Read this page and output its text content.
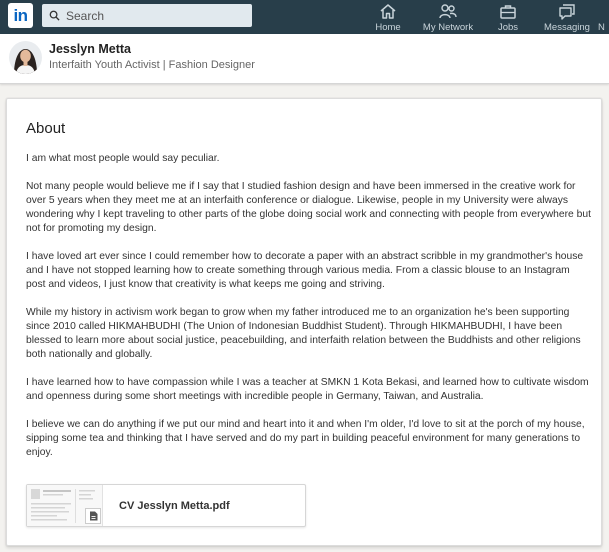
in
Search
Home My Network	Jobs	Messaging N
Jesslyn Metta
Interfaith Youth Activist | Fashion Designer
About

I am what most people would say peculiar.

Not many people would believe me if I say that I studied fashion design and have been immersed in the creative work for over 5 years when they meet me at an interfaith conference or dialogue. Likewise, people in my University were always wondering why I kept traveling to other parts of the globe doing social work and connecting with people from everywhere but not for promoting my design.

I have loved art ever since I could remember how to decorate a paper with an abstract scribble in my grandmother's house and I have not stopped learning how to create something through various media. From a classic blouse to an Instagram post and videos, I just know that creativity is what keeps me going and striving.

While my history in activism work began to grow when my father introduced me to an organization he's been supporting since 2010 called HIKMAHBUDHI (The Union of Indonesian Buddhist Student). Through HIKMAHBUDHI, I have been blessed to learn more about social justice, peacebuilding, and interfaith relation between the Buddhists and other religions both nationally and globally.

I have learned how to have compassion while I was a teacher at SMKN 1 Kota Bekasi, and learned how to cultivate wisdom and openness during some short meetings with incredible people in Germany, Taiwan, and Australia.

I believe we can do anything if we put our mind and heart into it and when I'm older, I'd love to sit at the porch of my house, sipping some tea and thinking that I have served and do my part in building peaceful environment for many generations to enjoy.

CV Jesslyn Metta.pdf
